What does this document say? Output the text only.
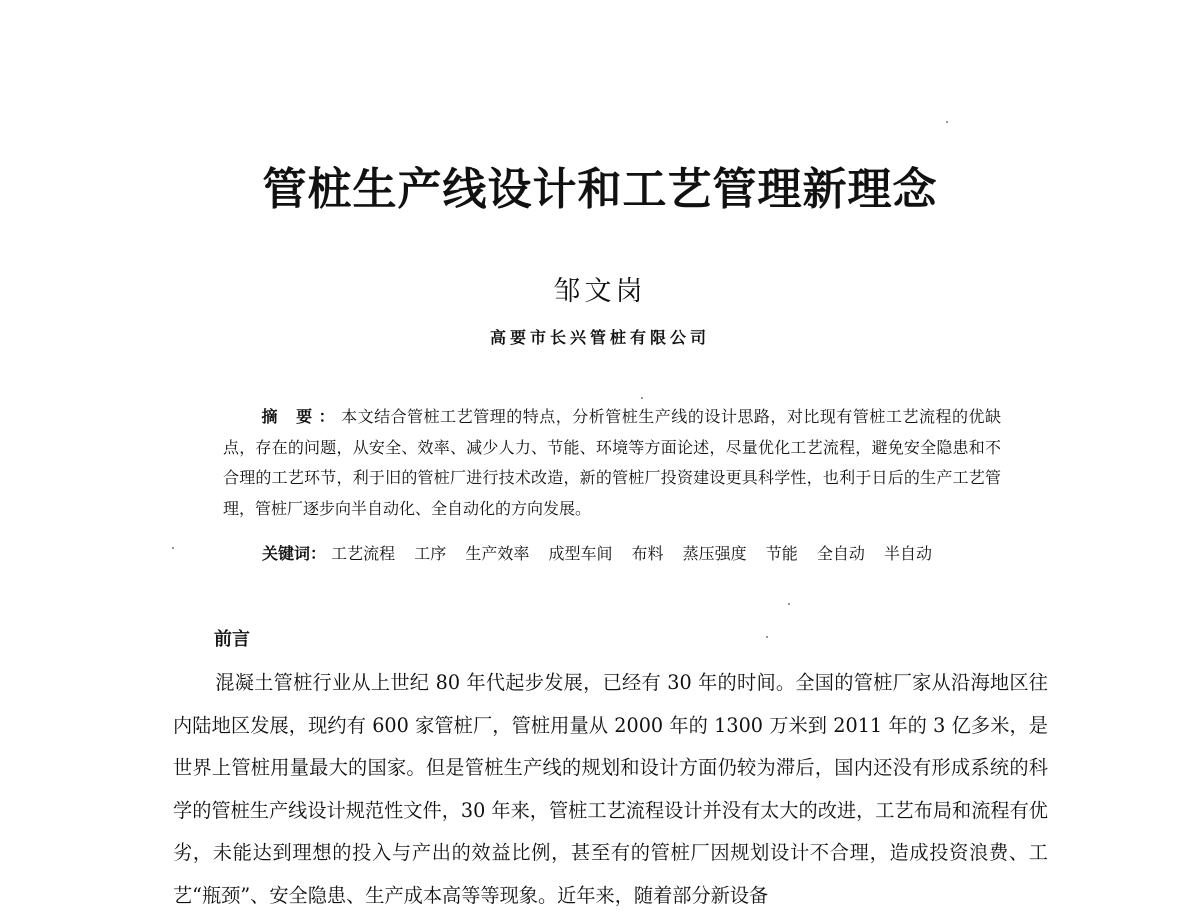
管桩生产线设计和工艺管理新理念
邹文岗
高要市长兴管桩有限公司
摘 要：本文结合管桩工艺管理的特点，分析管桩生产线的设计思路，对比现有管桩工艺流程的优缺点，存在的问题，从安全、效率、减少人力、节能、环境等方面论述，尽量优化工艺流程，避免安全隐患和不合理的工艺环节，利于旧的管桩厂进行技术改造，新的管桩厂投资建设更具科学性，也利于日后的生产工艺管理，管桩厂逐步向半自动化、全自动化的方向发展。
关键词： 工艺流程 工序 生产效率 成型车间 布料 蒸压强度 节能 全自动 半自动
前言
混凝土管桩行业从上世纪 80 年代起步发展，已经有 30 年的时间。全国的管桩厂家从沿海地区往内陆地区发展，现约有 600 家管桩厂，管桩用量从 2000 年的 1300 万米到 2011 年的 3 亿多米，是世界上管桩用量最大的国家。但是管桩生产线的规划和设计方面仍较为滞后，国内还没有形成系统的科学的管桩生产线设计规范性文件，30 年来，管桩工艺流程设计并没有太大的改进，工艺布局和流程有优劣，未能达到理想的投入与产出的效益比例，甚至有的管桩厂因规划设计不合理，造成投资浪费、工艺“瓶颈”、安全隐患、生产成本高等等现象。近年来，随着部分新设备
